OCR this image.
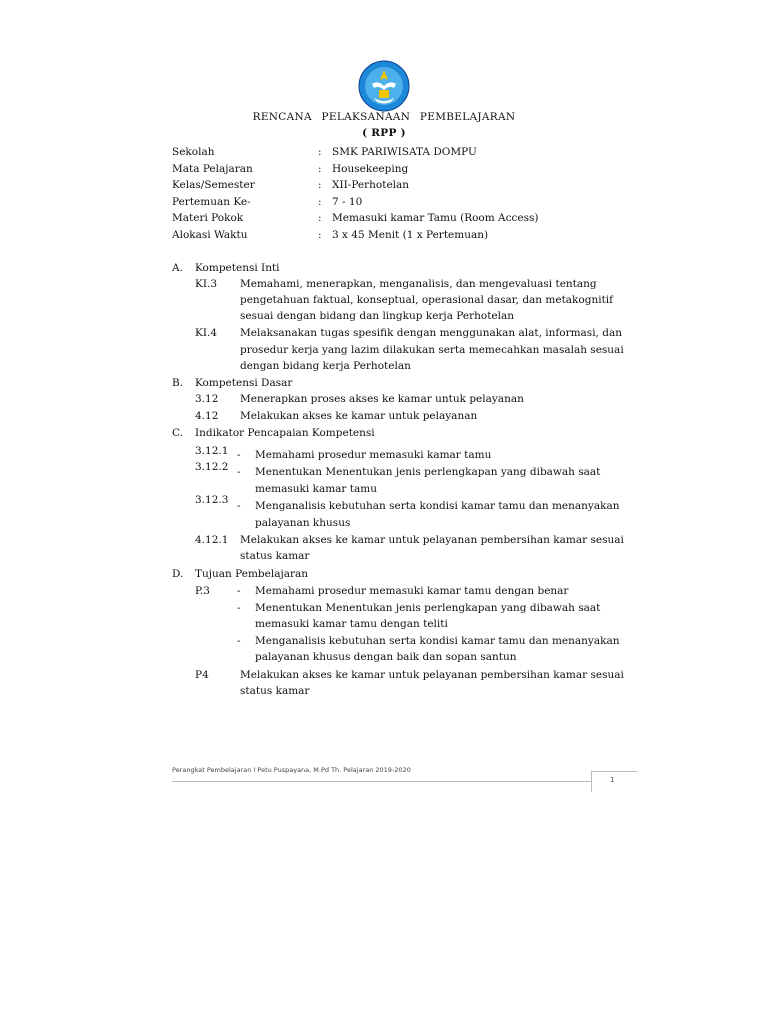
RENCANA PELAKSANAAN PEMBELAJARAN
( RPP )
Sekolah	: SMK PARIWISATA DOMPU
Mata Pelajaran	: Housekeeping
Kelas/Semester	: XII-Perhotelan
Pertemuan Ke-	: 7 - 10
Materi Pokok	: Memasuki kamar Tamu (Room Access)
Alokasi Waktu	: 3 x 45 Menit (1 x Pertemuan)
A. Kompetensi Inti
KI.3 Memahami, menerapkan, menganalisis, dan mengevaluasi tentang
pengetahuan faktual, konseptual, operasional dasar, dan metakognitif
sesuai dengan bidang dan lingkup kerja Perhotelan
KI.4 Melaksanakan tugas spesifik dengan menggunakan alat, informasi, dan
prosedur kerja yang lazim dilakukan serta memecahkan masalah sesuai
dengan bidang kerja Perhotelan
B. Kompetensi Dasar
3.12 Menerapkan proses akses ke kamar untuk pelayanan
4.12 Melakukan akses ke kamar untuk pelayanan
C. Indikator Pencapaian Kompetensi
3.12.1 - Memahami prosedur memasuki kamar tamu
3.12.2 - Menentukan Menentukan jenis perlengkapan yang dibawah saat
memasuki kamar tamu
3.12.3 - Menganalisis kebutuhan serta kondisi kamar tamu dan menanyakan
palayanan khusus
4.12.1 Melakukan akses ke kamar untuk pelayanan pembersihan kamar sesuai
status kamar
D. Tujuan Pembelajaran
P.3	- Memahami prosedur memasuki kamar tamu dengan benar
- Menentukan Menentukan jenis perlengkapan yang dibawah saat
memasuki kamar tamu dengan teliti
- Menganalisis kebutuhan serta kondisi kamar tamu dan menanyakan
palayanan khusus dengan baik dan sopan santun
P4	Melakukan akses ke kamar untuk pelayanan pembersihan kamar sesuai
status kamar
Perangkat Pembelajaran I Petu Puspayana, M.Pd Th. Pelajaran 2019-2020
1
